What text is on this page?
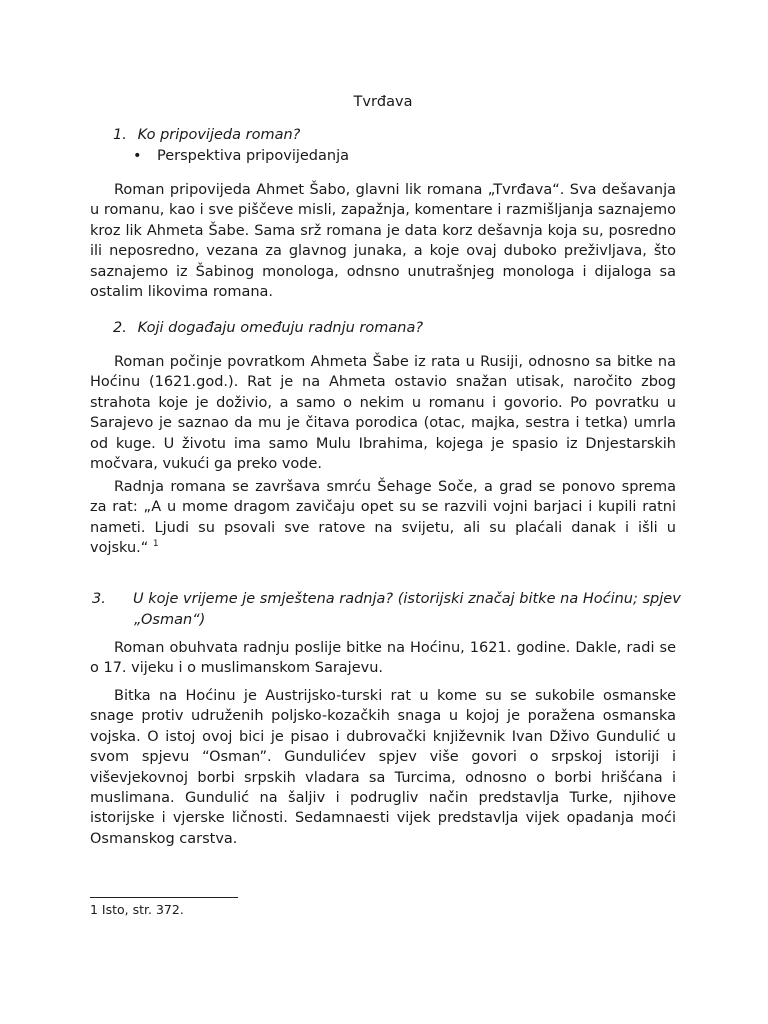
Tvrđava
1. Ko pripovijeda roman?
• Perspektiva pripovijedanja
Roman pripovijeda Ahmet Šabo, glavni lik romana „Tvrđava“. Sva dešavanja u romanu, kao i sve piščeve misli, zapažnja, komentare i razmišljanja saznajemo kroz lik Ahmeta Šabe. Sama srž romana je data korz dešavnja koja su, posredno ili neposredno, vezana za glavnog junaka, a koje ovaj duboko preživljava, što saznajemo iz Šabinog monologa, odnsno unutrašnjeg monologa i dijaloga sa ostalim likovima romana.
2. Koji događaju omeđuju radnju romana?
Roman počinje povratkom Ahmeta Šabe iz rata u Rusiji, odnosno sa bitke na Hoćinu (1621.god.). Rat je na Ahmeta ostavio snažan utisak, naročito zbog strahota koje je doživio, a samo o nekim u romanu i govorio. Po povratku u Sarajevo je saznao da mu je čitava porodica (otac, majka, sestra i tetka) umrla od kuge. U životu ima samo Mulu Ibrahima, kojega je spasio iz Dnjestarskih močvara, vukući ga preko vode.
Radnja romana se završava smrću Šehage Soče, a grad se ponovo sprema za rat: „A u mome dragom zavičaju opet su se razvili vojni barjaci i kupili ratni nameti. Ljudi su psovali sve ratove na svijetu, ali su plaćali danak i išli u vojsku.“ $^1$
3. U koje vrijeme je smještena radnja? (istorijski značaj bitke na Hoćinu; spjev „Osman“)
Roman obuhvata radnju poslije bitke na Hoćinu, 1621. godine. Dakle, radi se o 17. vijeku i o muslimanskom Sarajevu.
Bitka na Hoćinu je Austrijsko-turski rat u kome su se sukobile osmanske snage protiv udruženih poljsko-kozačkih snaga u kojoj je poražena osmanska vojska. O istoj ovoj bici je pisao i dubrovački književnik Ivan Dživo Gundulić u svom spjevu “Osman”. Gundulićev spjev više govori o srpskoj istoriji i viševjekovnoj borbi srpskih vladara sa Turcima, odnosno o borbi hrišćana i muslimana. Gundulić na šaljiv i podrugliv način predstavlja Turke, njihove istorijske i vjerske ličnosti. Sedamnaesti vijek predstavlja vijek opadanja moći Osmanskog carstva.
1 Isto, str. 372.
